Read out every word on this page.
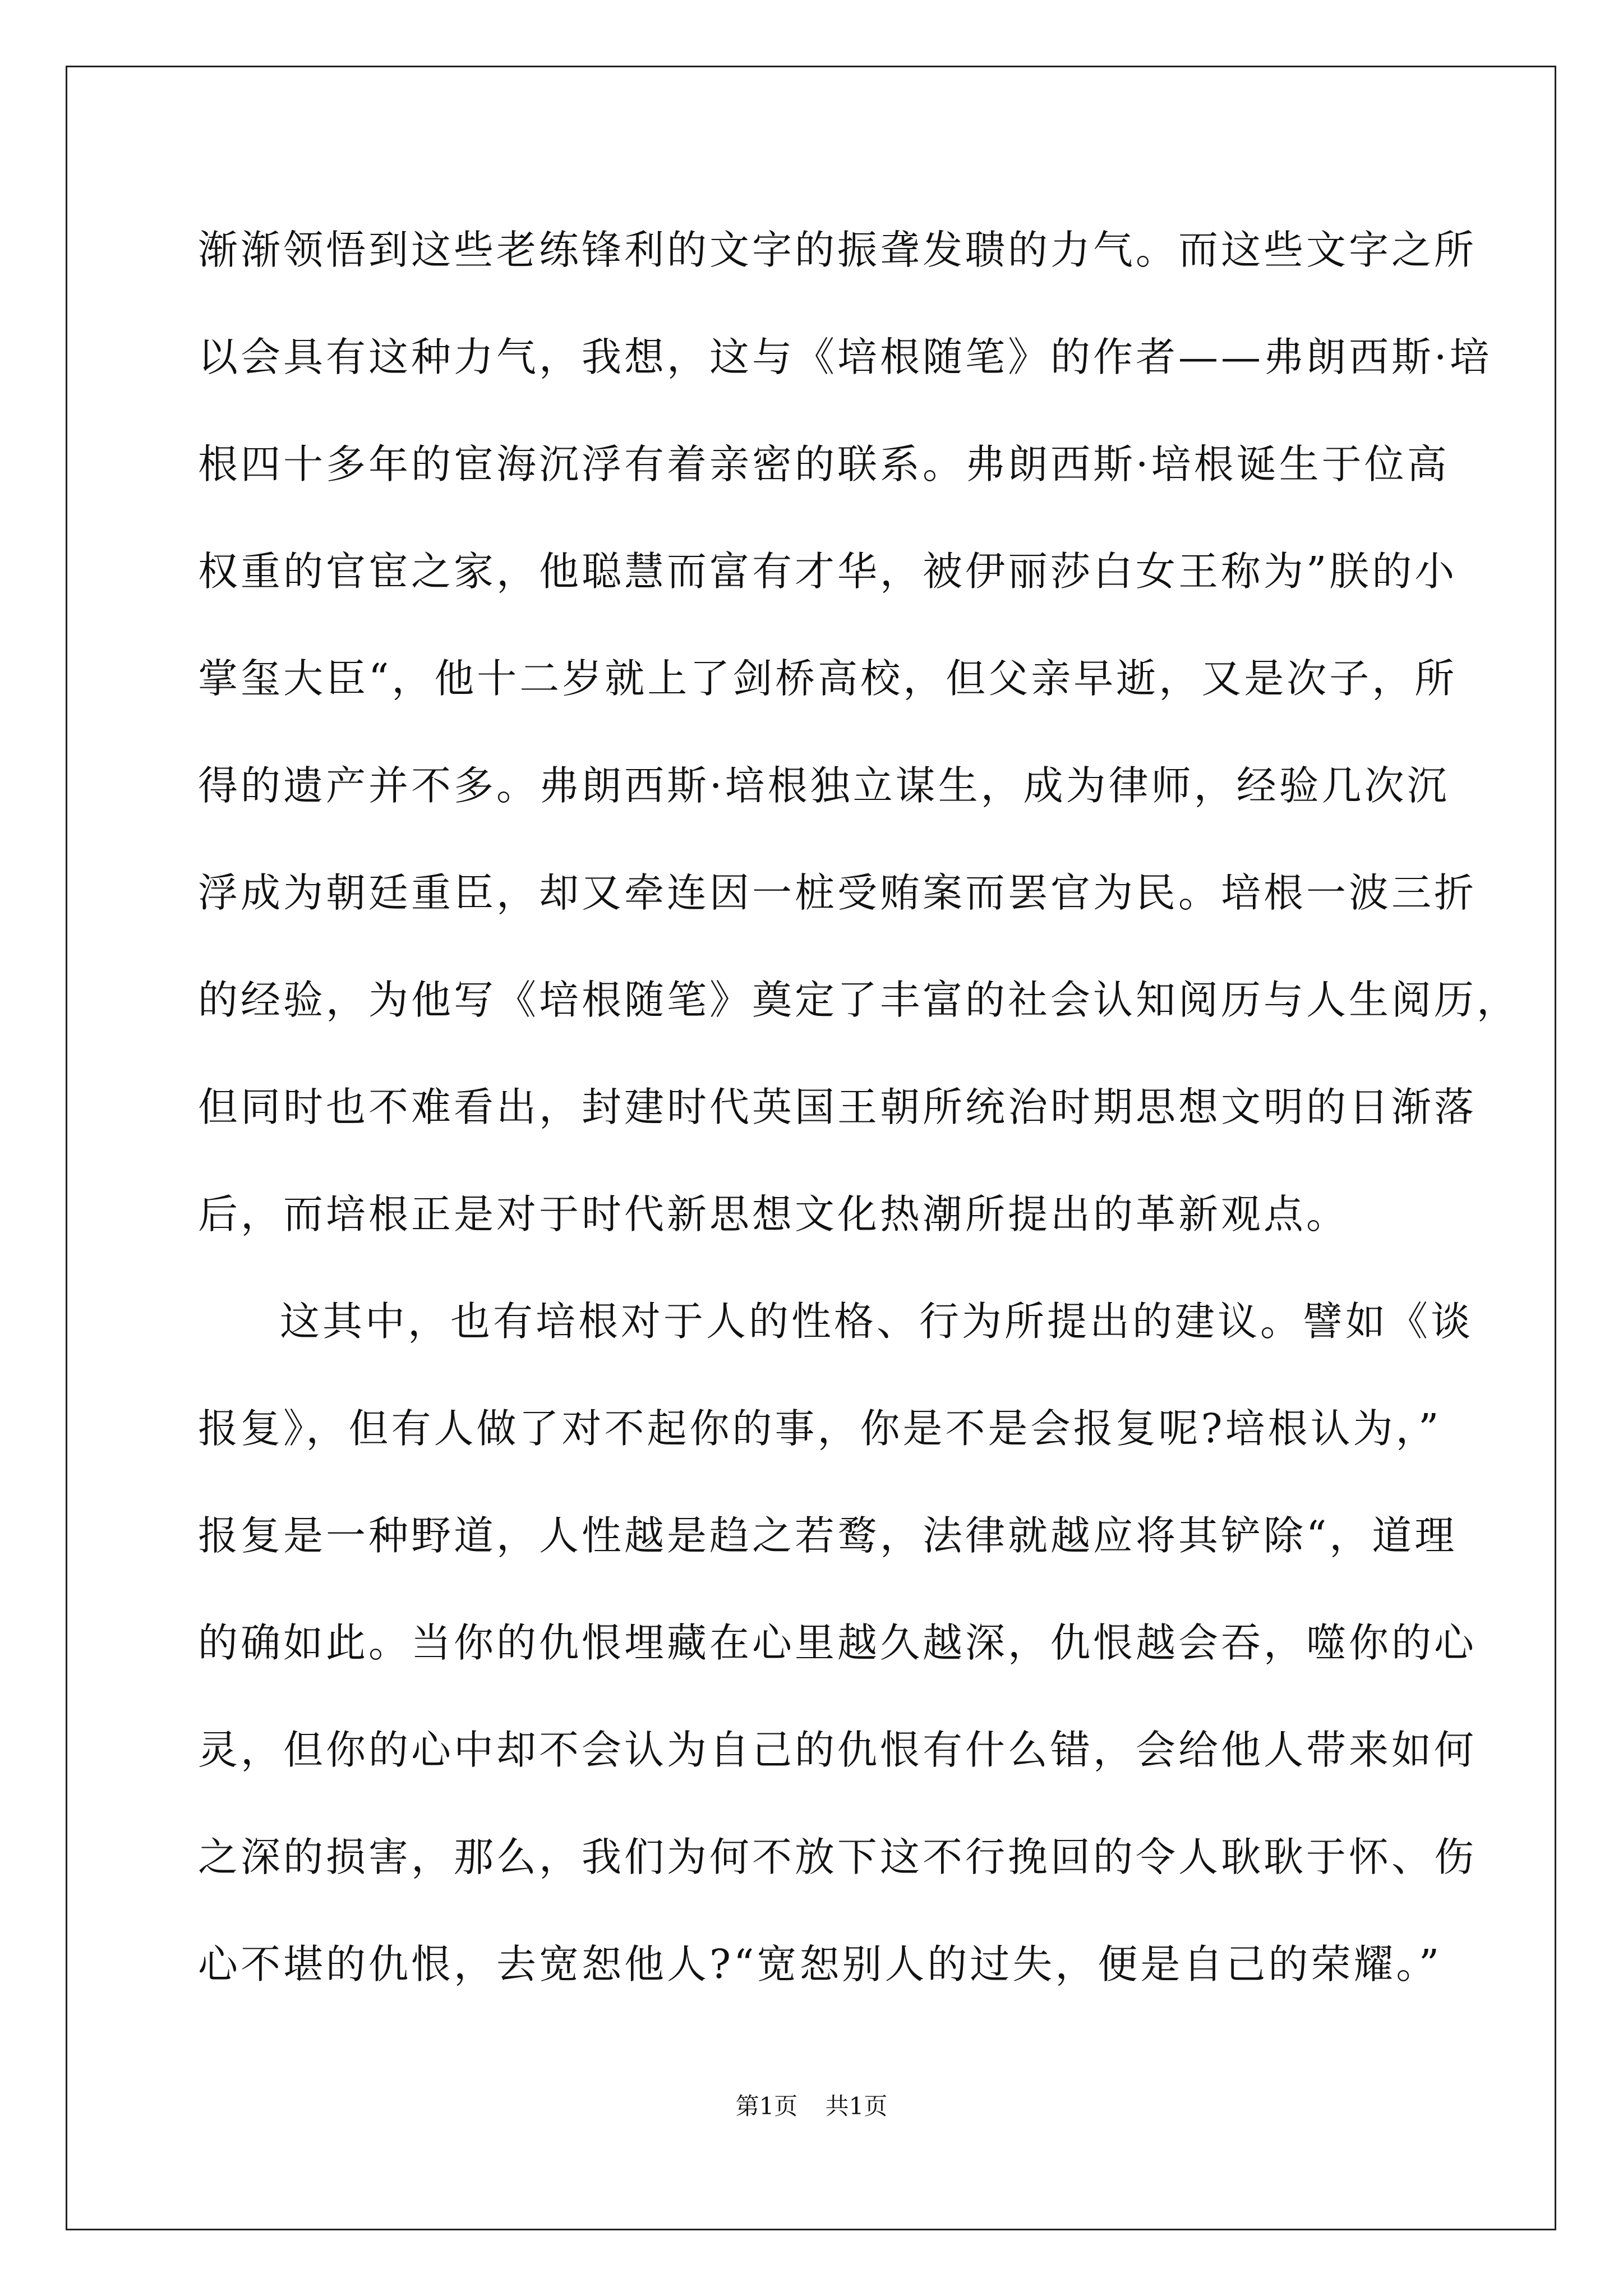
渐渐领悟到这些老练锋利的文字的振聋发聩的力气。而这些文字之所
以会具有这种力气，我想，这与《培根随笔》的作者——弗朗西斯·培
根四十多年的宦海沉浮有着亲密的联系。弗朗西斯·培根诞生于位高
权重的官宦之家，他聪慧而富有才华，被伊丽莎白女王称为”朕的小
掌玺大臣“，他十二岁就上了剑桥高校，但父亲早逝，又是次子，所
得的遗产并不多。弗朗西斯·培根独立谋生，成为律师，经验几次沉
浮成为朝廷重臣，却又牵连因一桩受贿案而罢官为民。培根一波三折
的经验，为他写《培根随笔》奠定了丰富的社会认知阅历与人生阅历，
但同时也不难看出，封建时代英国王朝所统治时期思想文明的日渐落
后，而培根正是对于时代新思想文化热潮所提出的革新观点。
这其中，也有培根对于人的性格、行为所提出的建议。譬如《谈
报复》，但有人做了对不起你的事，你是不是会报复呢?培根认为，”
报复是一种野道，人性越是趋之若鹜，法律就越应将其铲除“，道理
的确如此。当你的仇恨埋藏在心里越久越深，仇恨越会吞，噬你的心
灵，但你的心中却不会认为自己的仇恨有什么错，会给他人带来如何
之深的损害，那么，我们为何不放下这不行挽回的令人耿耿于怀、伤
心不堪的仇恨，去宽恕他人?“宽恕别人的过失，便是自己的荣耀。”
第1页 共1页
